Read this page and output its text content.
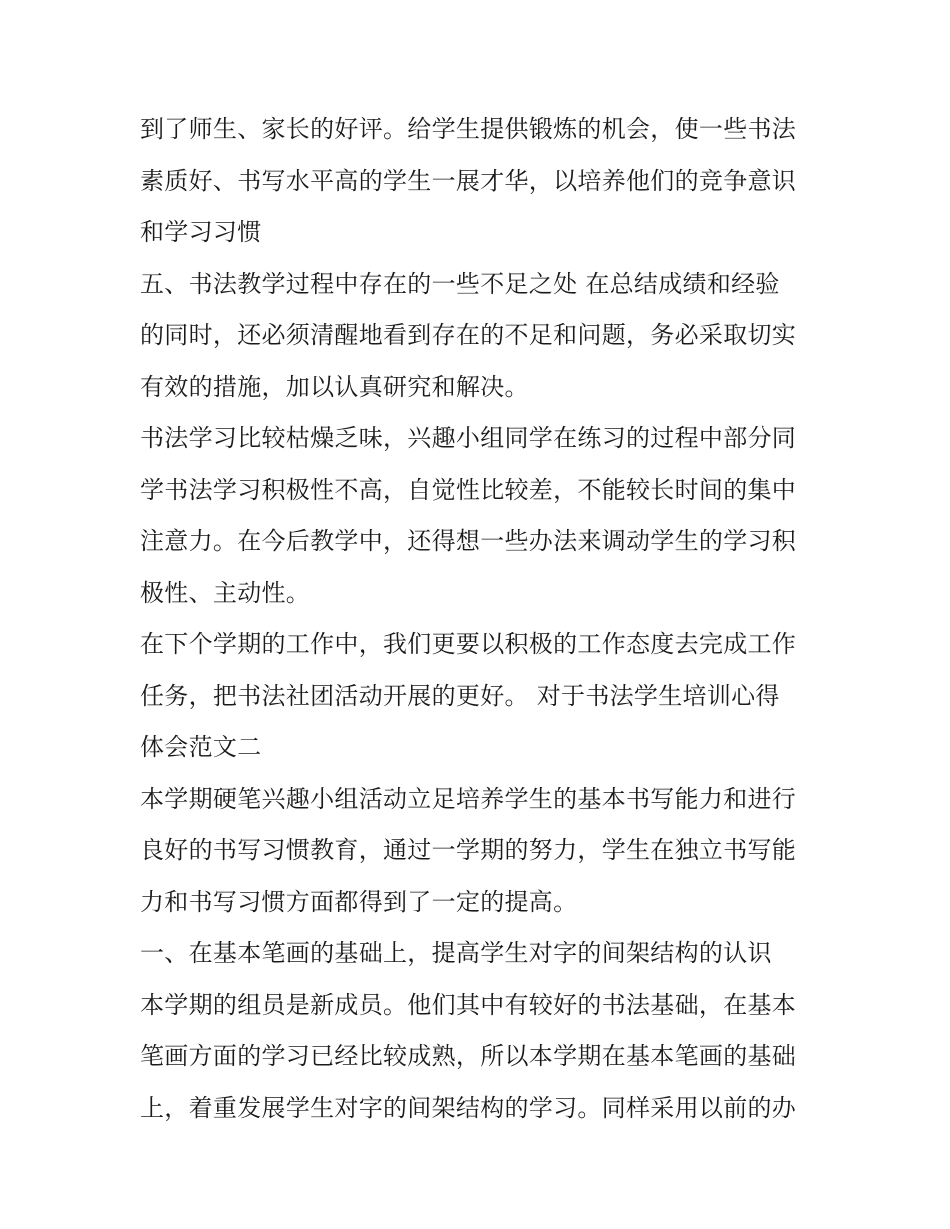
到了师生、家长的好评。给学生提供锻炼的机会，使一些书法
素质好、书写水平高的学生一展才华，以培养他们的竞争意识
和学习习惯
五、书法教学过程中存在的一些不足之处 在总结成绩和经验
的同时，还必须清醒地看到存在的不足和问题，务必采取切实
有效的措施，加以认真研究和解决。
书法学习比较枯燥乏味，兴趣小组同学在练习的过程中部分同
学书法学习积极性不高，自觉性比较差，不能较长时间的集中
注意力。在今后教学中，还得想一些办法来调动学生的学习积
极性、主动性。
在下个学期的工作中，我们更要以积极的工作态度去完成工作
任务，把书法社团活动开展的更好。 对于书法学生培训心得
体会范文二
本学期硬笔兴趣小组活动立足培养学生的基本书写能力和进行
良好的书写习惯教育，通过一学期的努力，学生在独立书写能
力和书写习惯方面都得到了一定的提高。
一、在基本笔画的基础上，提高学生对字的间架结构的认识
本学期的组员是新成员。他们其中有较好的书法基础，在基本
笔画方面的学习已经比较成熟，所以本学期在基本笔画的基础
上，着重发展学生对字的间架结构的学习。同样采用以前的办
